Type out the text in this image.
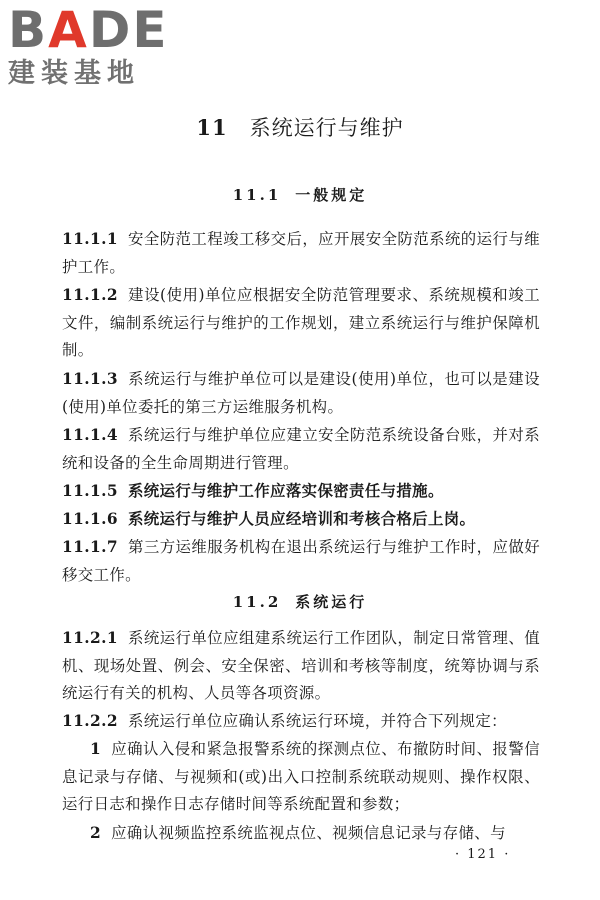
BADE
建装基地
11 系统运行与维护
11.1 一般规定
11.1.1 安全防范工程竣工移交后，应开展安全防范系统的运行与维护工作。
11.1.2 建设(使用)单位应根据安全防范管理要求、系统规模和竣工文件，编制系统运行与维护的工作规划，建立系统运行与维护保障机制。
11.1.3 系统运行与维护单位可以是建设(使用)单位，也可以是建设(使用)单位委托的第三方运维服务机构。
11.1.4 系统运行与维护单位应建立安全防范系统设备台账，并对系统和设备的全生命周期进行管理。
11.1.5 系统运行与维护工作应落实保密责任与措施。
11.1.6 系统运行与维护人员应经培训和考核合格后上岗。
11.1.7 第三方运维服务机构在退出系统运行与维护工作时，应做好移交工作。
11.2 系统运行
11.2.1 系统运行单位应组建系统运行工作团队，制定日常管理、值机、现场处置、例会、安全保密、培训和考核等制度，统筹协调与系统运行有关的机构、人员等各项资源。
11.2.2 系统运行单位应确认系统运行环境，并符合下列规定：
1 应确认入侵和紧急报警系统的探测点位、布撤防时间、报警信息记录与存储、与视频和(或)出入口控制系统联动规则、操作权限、运行日志和操作日志存储时间等系统配置和参数；
2 应确认视频监控系统监视点位、视频信息记录与存储、与
· 121 ·
